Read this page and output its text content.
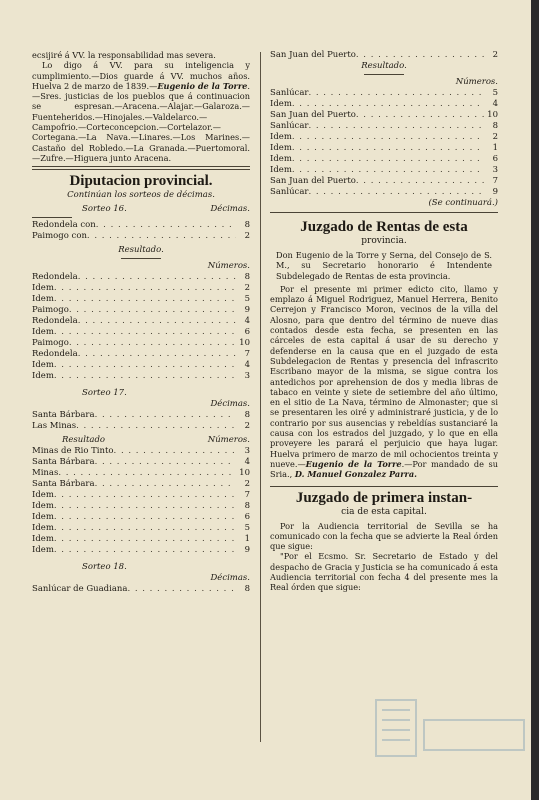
ecsijiré á VV. la responsabilidad mas severa.

Lo digo á VV. para su inteligencia y cumplimiento.—Dios guarde á VV. muchos años. Huelva 2 de marzo de 1839.—Eugenio de la Torre.—Sres. justicias de los pueblos que á continuacion se espresan.—Aracena.—Alajar.—Galaroza.—Fuenteheridos.—Hinojales.—Valdelarco.—Campofrio.—Corteconcepcion.—Cortelazor.—Cortegana.—La Nava.—Linares.—Los Marines.—Castaño del Robledo.—La Granada.—Puertomoral.—Zufre.—Higuera junto Aracena.

Diputacion provincial.

Continúan los sorteos de décimas.

Sorteo 16.	Décimas.
Redondela con . . .	8
Paimogo con . . .	2

Resultado.

Números.

Redondela . . .	8
Idem . . .	2
Idem . . .	5
Paimogo . . .	9
Redondela . . .	4
Idem . . .	6
Paimogo . . .	10
Redondela . . .	7
Idem . . .	4
Idem . . .	3
Sorteo 17.

Décimas.

Santa Bárbara . . .	8
Las Minas . . .	2
Resultado	Números.
Minas de Rio Tinto . . .	3
Santa Bárbara . . .	4
Minas . . .	10
Santa Bárbara . . .	2
Idem . . .	7
Idem . . .	8
Idem . . .	6
Idem . . .	5
Idem . . .	1
Idem . . .	9
Sorteo 18.

Décimas.

Sanlúcar de Guadiana . . .	8
San Juan del Puerto . . .	2

Resultado.

Números.

Sanlúcar . . .	5
Idem . . .	4
San Juan del Puerto . . .	10
Sanlúcar . . .	8
Idem . . .	2
Idem . . .	1
Idem . . .	6
Idem . . .	3
San Juan del Puerto . . .	7
Sanlúcar . . .	9

(Se continuará.)

Juzgado de Rentas de esta

provincia.

Don Eugenio de la Torre y Serna, del Consejo de S. M., su Secretario honorario é Intendente Subdelegado de Rentas de esta provincia.

Por el presente mi primer edicto cito, llamo y emplazo á Miguel Rodriguez, Manuel Herrera, Benito Cerrejon y Francisco Moron, vecinos de la villa del Alosno, para que dentro del término de nueve dias contados desde esta fecha, se presenten en las cárceles de esta capital á usar de su derecho y defenderse en la causa que en el juzgado de esta Subdelegacion de Rentas y presencia del infrascrito Escribano mayor de la misma, se sigue contra los antedichos por aprehension de dos y media libras de tabaco en veinte y siete de setiembre del año último, en el sitio de La Nava, término de Almonaster; que si se presentaren les oiré y administraré justicia, y de lo contrario por sus ausencias y rebeldías sustanciaré la causa con los estrados del juzgado, y lo que en ella proveyere les parará el perjuicio que haya lugar. Huelva primero de marzo de mil ochocientos treinta y nueve.—Eugenio de la Torre.—Por mandado de su Sria., D. Manuel Gonzalez Parra.

Juzgado de primera instan-

cia de esta capital.

Por la Audiencia territorial de Sevilla se ha comunicado con la fecha que se advierte la Real órden que sigue:

"Por el Ecsmo. Sr. Secretario de Estado y del despacho de Gracia y Justicia se ha comunicado á esta Audiencia territorial con fecha 4 del presente mes la Real órden que sigue:
